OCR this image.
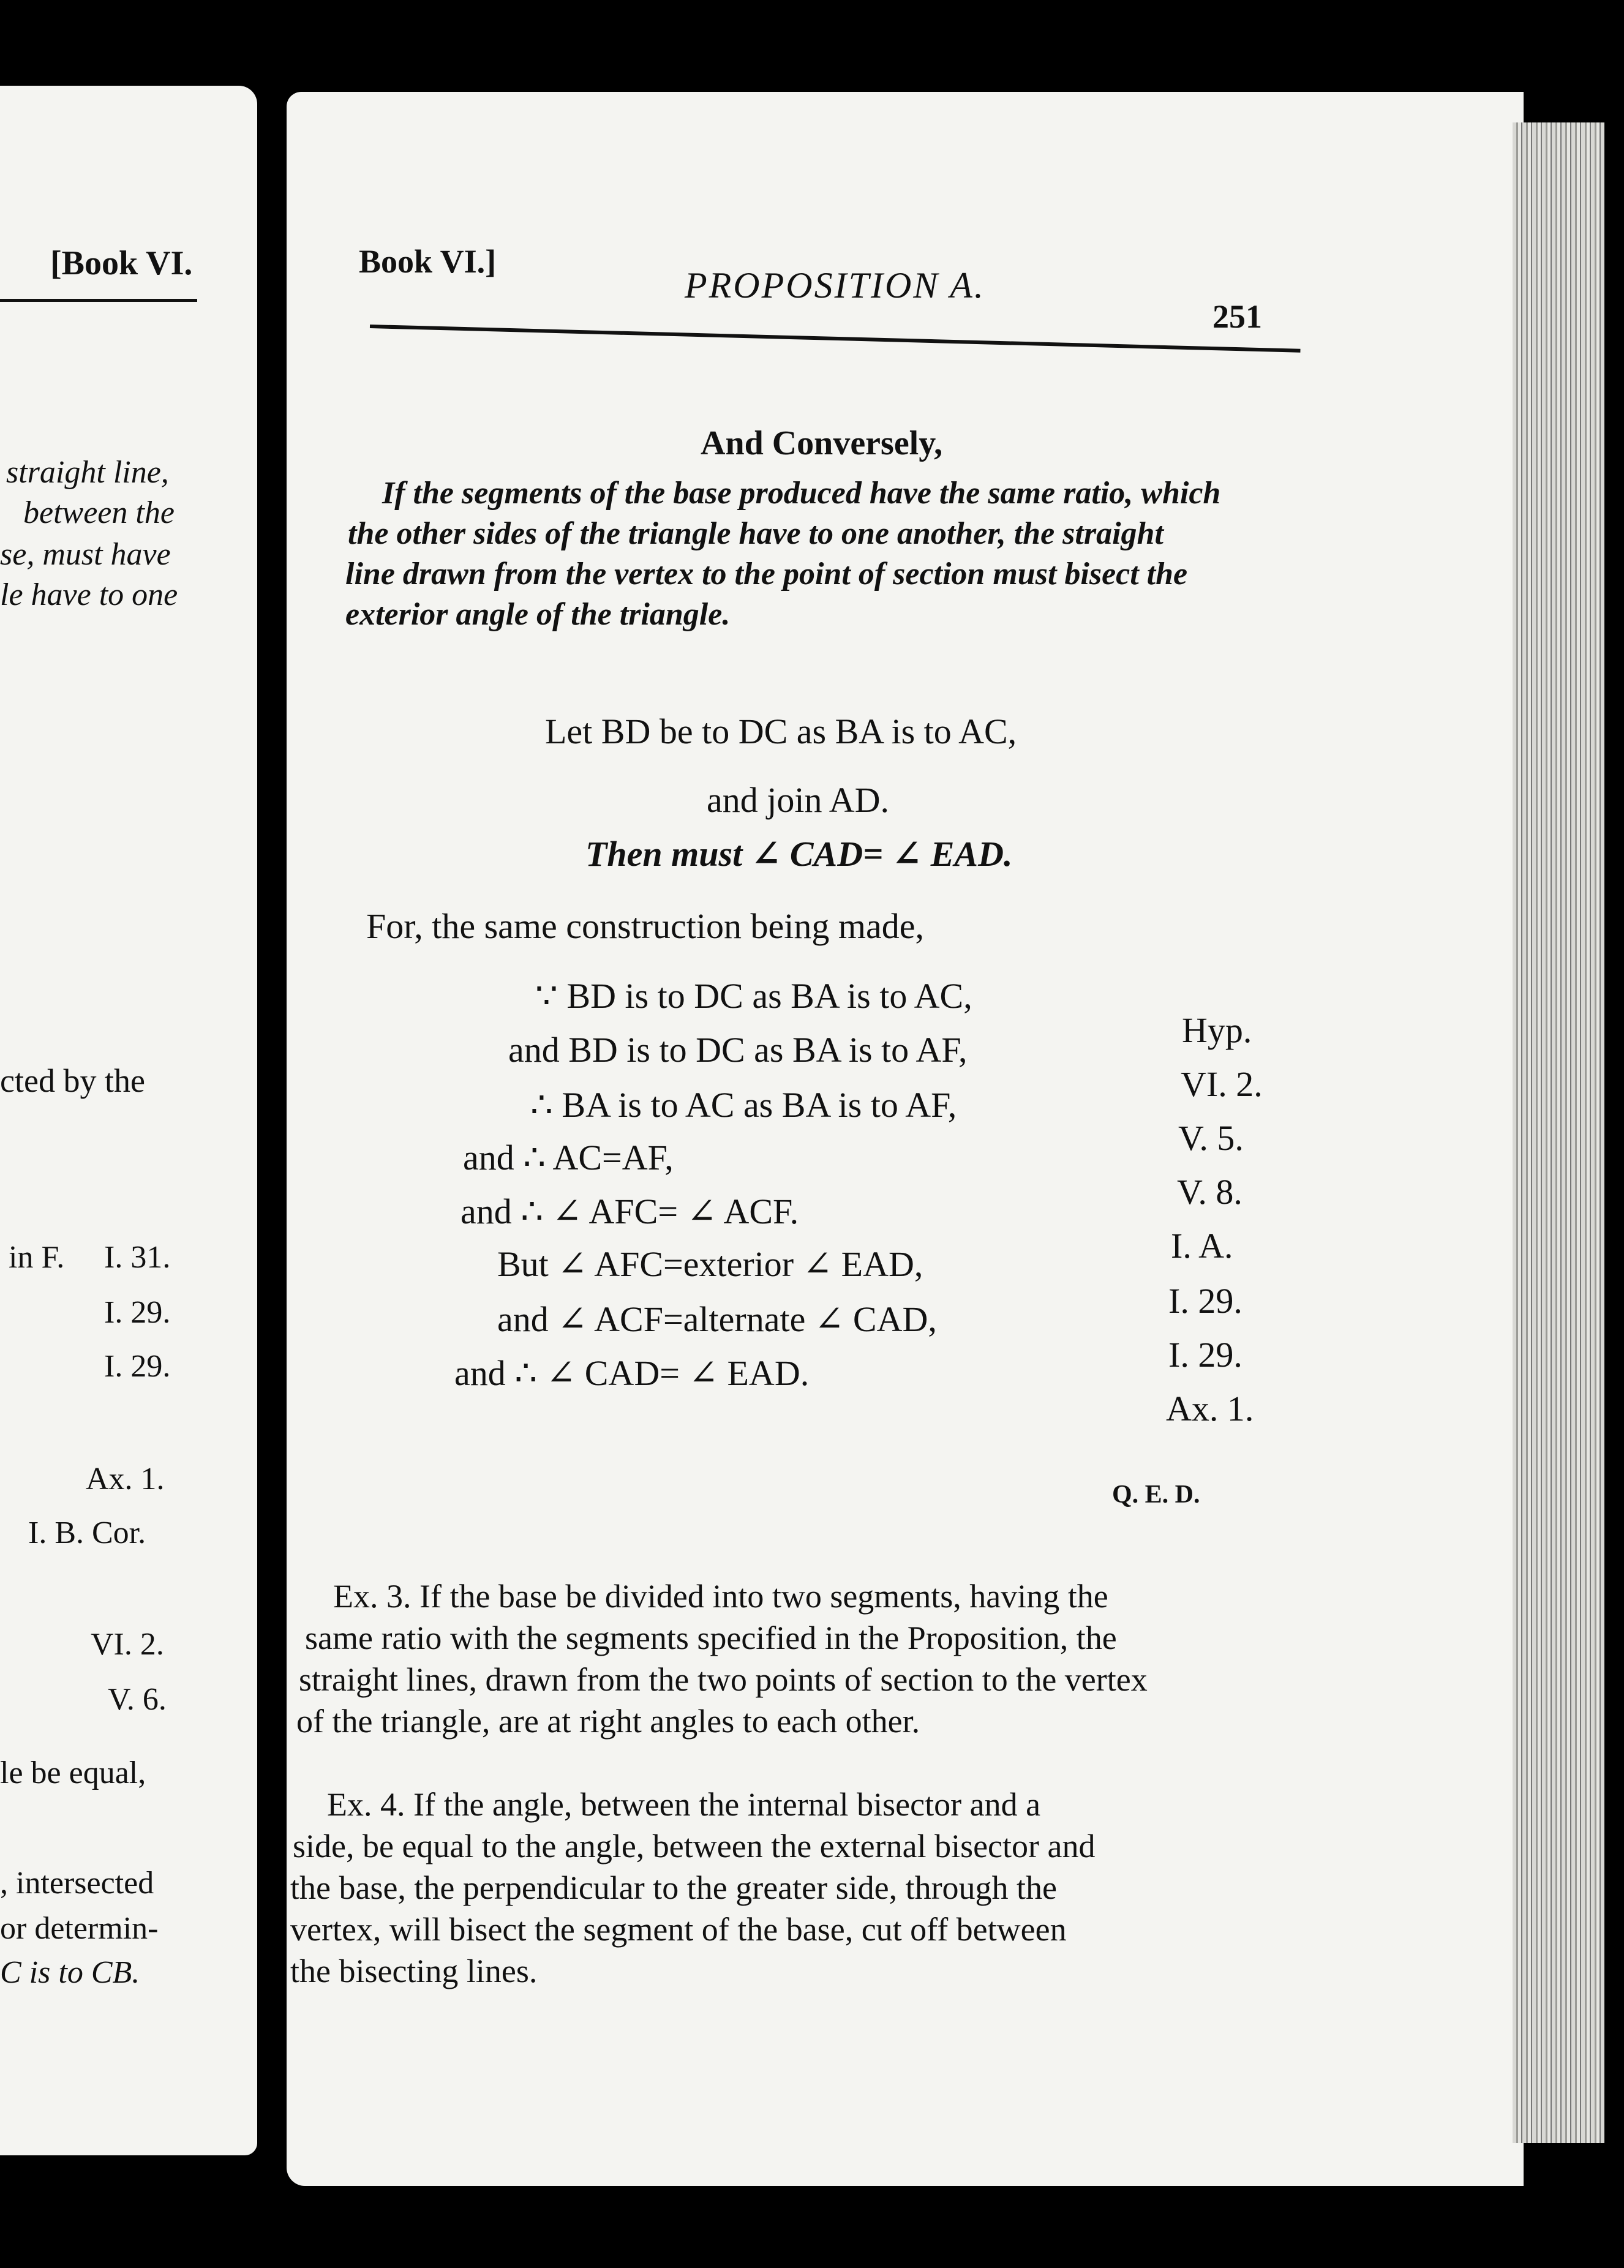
[Book VI.
straight line,
between the
se, must have
le have to one
cted by the
in F. I. 31.
I. 29.
I. 29.
Ax. 1.
I. B. Cor.
VI. 2.
V. 6.
le be equal,
, intersected
or determin-
C is to CB.
Book VI.]
PROPOSITION A.
251
And Conversely,
If the segments of the base produced have the same ratio, which
the other sides of the triangle have to one another, the straight
line drawn from the vertex to the point of section must bisect the
exterior angle of the triangle.
Let BD be to DC as BA is to AC,
and join AD.
Then must ∠ CAD= ∠ EAD.
For, the same construction being made,
∵ BD is to DC as BA is to AC,
and BD is to DC as BA is to AF,
∴ BA is to AC as BA is to AF,
and ∴ AC=AF,
and ∴ ∠ AFC= ∠ ACF.
But ∠ AFC=exterior ∠ EAD,
and ∠ ACF=alternate ∠ CAD,
and ∴ ∠ CAD= ∠ EAD.
Hyp.
VI. 2.
V. 5.
V. 8.
I. A.
I. 29.
I. 29.
Ax. 1.
Q. E. D.
Ex. 3. If the base be divided into two segments, having the
same ratio with the segments specified in the Proposition, the
straight lines, drawn from the two points of section to the vertex
of the triangle, are at right angles to each other.
Ex. 4. If the angle, between the internal bisector and a
side, be equal to the angle, between the external bisector and
the base, the perpendicular to the greater side, through the
vertex, will bisect the segment of the base, cut off between
the bisecting lines.
